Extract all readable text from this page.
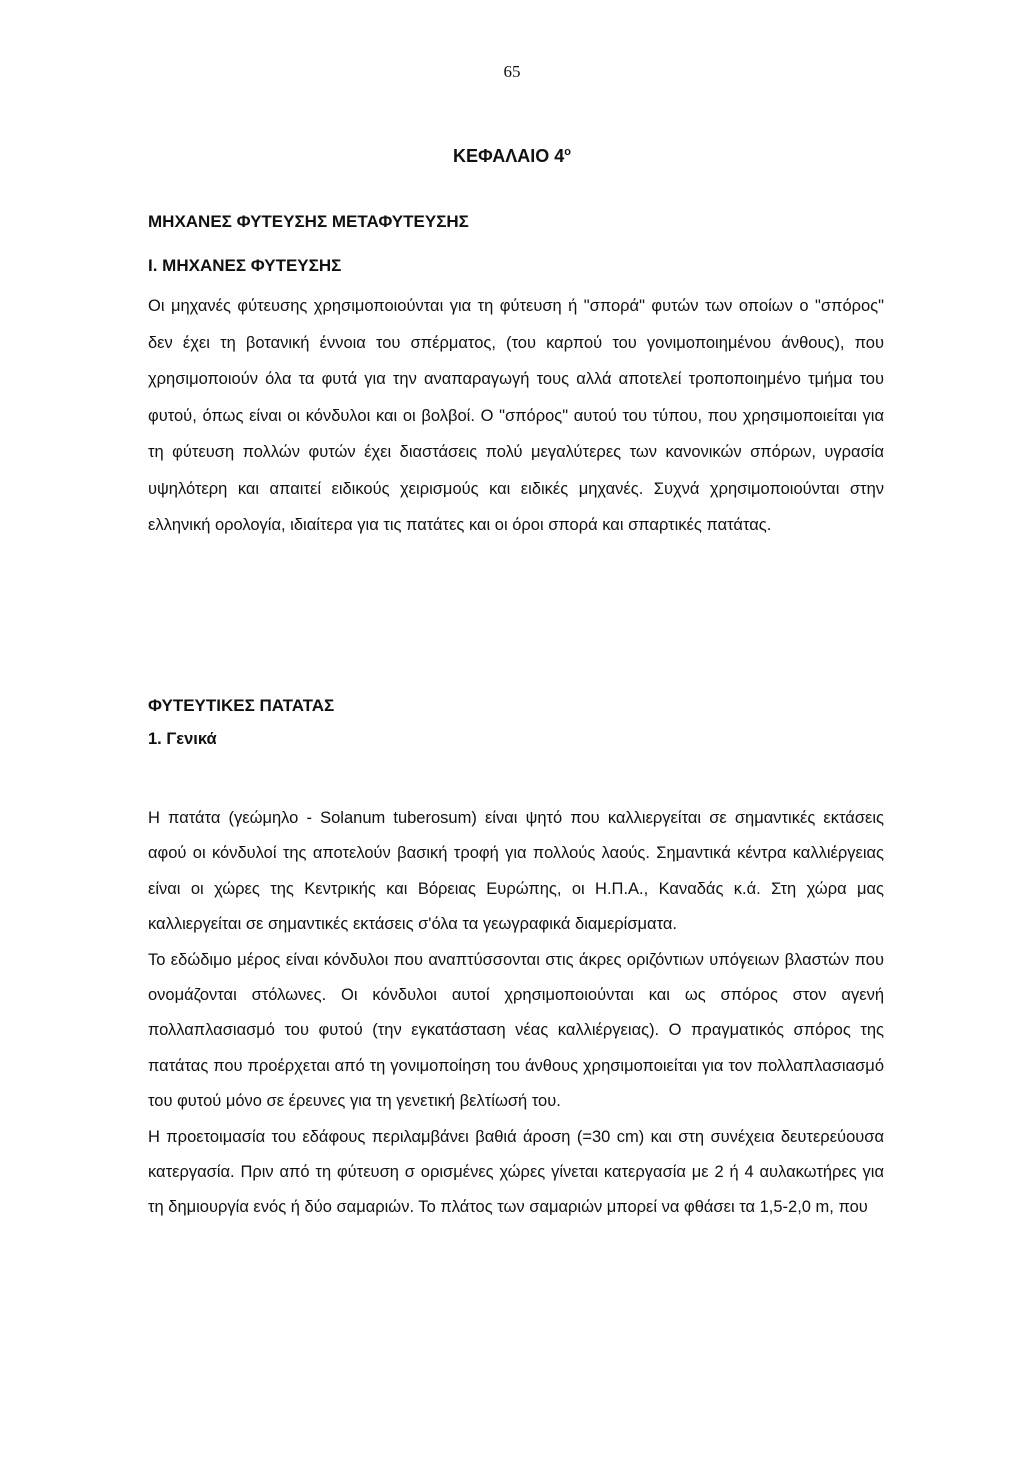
65
ΚΕΦΑΛΑΙΟ $4^o$

ΜΗΧΑΝΕΣ ΦΥΤΕΥΣΗΣ ΜΕΤΑΦΥΤΕΥΣΗΣ

Ι. ΜΗΧΑΝΕΣ ΦΥΤΕΥΣΗΣ

Οι μηχανές φύτευσης χρησιμοποιούνται για τη φύτευση ή "σπορά" φυτών των οποίων ο "σπόρος" δεν έχει τη βοτανική έννοια του σπέρματος, (του καρπού του γονιμοποιημένου άνθους), που χρησιμοποιούν όλα τα φυτά για την αναπαραγωγή τους αλλά αποτελεί τροποποιημένο τμήμα του φυτού, όπως είναι οι κόνδυλοι και οι βολβοί. Ο "σπόρος" αυτού του τύπου, που χρησιμοποιείται για τη φύτευση πολλών φυτών έχει διαστάσεις πολύ μεγαλύτερες των κανονικών σπόρων, υγρασία υψηλότερη και απαιτεί ειδικούς χειρισμούς και ειδικές μηχανές. Συχνά χρησιμοποιούνται στην ελληνική ορολογία, ιδιαίτερα για τις πατάτες και οι όροι σπορά και σπαρτικές πατάτας.

ΦΥΤΕΥΤΙΚΕΣ ΠΑΤΑΤΑΣ

1. Γενικά

Η πατάτα (γεώμηλο - Solanum tuberosum) είναι ψητό που καλλιεργείται σε σημαντικές εκτάσεις αφού οι κόνδυλοί της αποτελούν βασική τροφή για πολλούς λαούς. Σημαντικά κέντρα καλλιέργειας είναι οι χώρες της Κεντρικής και Βόρειας Ευρώπης, οι Η.Π.Α., Καναδάς κ.ά. Στη χώρα μας καλλιεργείται σε σημαντικές εκτάσεις σ'όλα τα γεωγραφικά διαμερίσματα.

Το εδώδιμο μέρος είναι κόνδυλοι που αναπτύσσονται στις άκρες οριζόντιων υπόγειων βλαστών που ονομάζονται στόλωνες. Οι κόνδυλοι αυτοί χρησιμοποιούνται και ως σπόρος στον αγενή πολλαπλασιασμό του φυτού (την εγκατάσταση νέας καλλιέργειας). Ο πραγματικός σπόρος της πατάτας που προέρχεται από τη γονιμοποίηση του άνθους χρησιμοποιείται για τον πολλαπλασιασμό του φυτού μόνο σε έρευνες για τη γενετική βελτίωσή του.

Η προετοιμασία του εδάφους περιλαμβάνει βαθιά άροση (=30 cm) και στη συνέχεια δευτερεύουσα κατεργασία. Πριν από τη φύτευση σ ορισμένες χώρες γίνεται κατεργασία με 2 ή 4 αυλακωτήρες για τη δημιουργία ενός ή δύο σαμαριών. Το πλάτος των σαμαριών μπορεί να φθάσει τα 1,5-2,0 m, που
